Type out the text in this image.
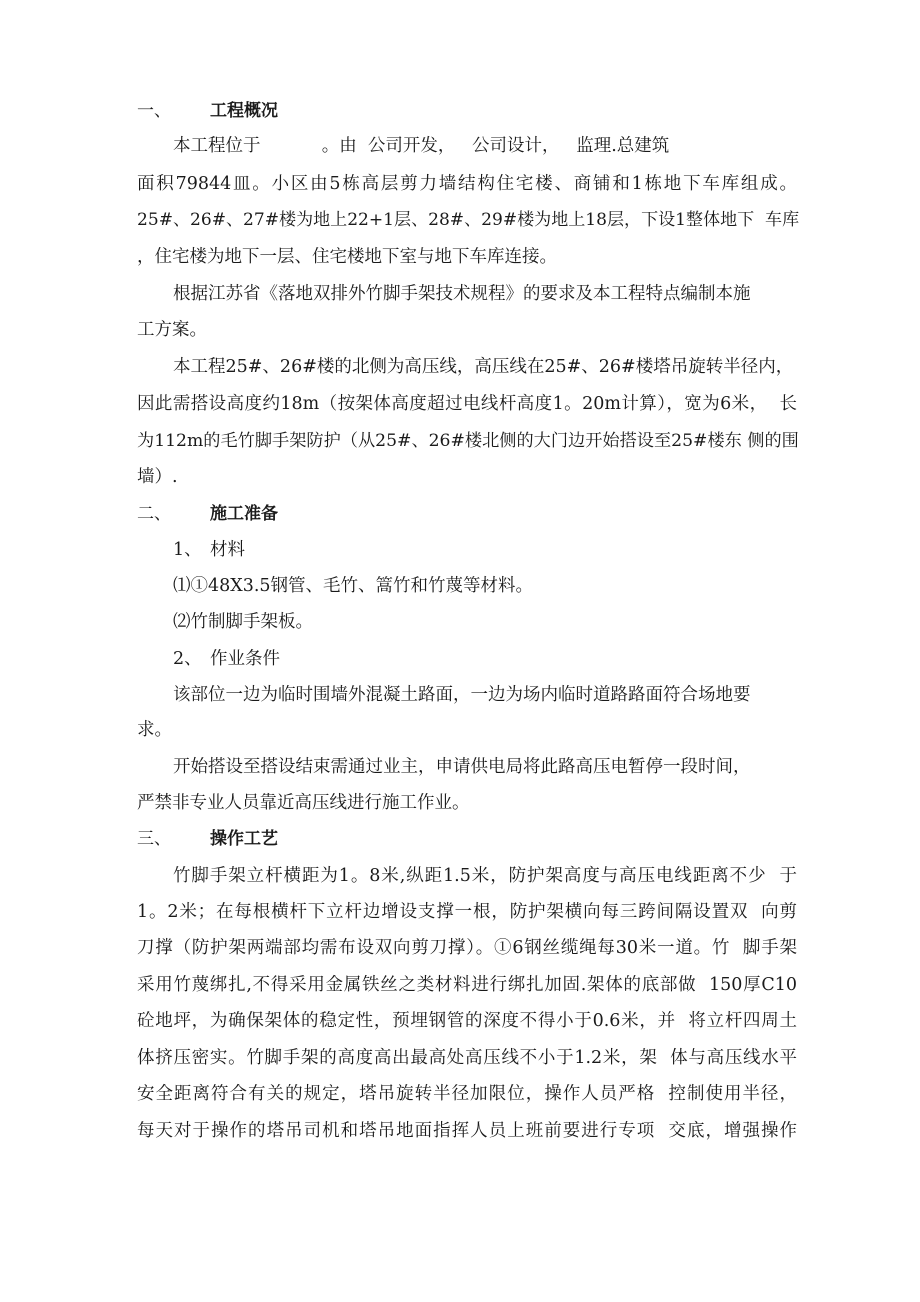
一、 工程概况
本工程位于           。由  公司开发，   公司设计，   监理.总建筑
面积79844皿。小区由5栋高层剪力墙结构住宅楼、商铺和1栋地下车库组成。
25#、26#、27#楼为地上22+1层、28#、29#楼为地上18层，下设1整体地下  车库
，住宅楼为地下一层、住宅楼地下室与地下车库连接。
根据江苏省《落地双排外竹脚手架技术规程》的要求及本工程特点编制本施
工方案。
本工程25#、26#楼的北侧为高压线，高压线在25#、26#楼塔吊旋转半径内，
因此需搭设高度约18m（按架体高度超过电线杆高度1。20m计算），宽为6米，  长
为112m的毛竹脚手架防护（从25#、26#楼北侧的大门边开始搭设至25#楼东 侧的围
墙）.
二、 施工准备
1、 材料
⑴①48X3.5钢管、毛竹、篙竹和竹蔑等材料。
⑵竹制脚手架板。
2、 作业条件
该部位一边为临时围墙外混凝土路面，一边为场内临时道路路面符合场地要
求。
开始搭设至搭设结束需通过业主，申请供电局将此路高压电暂停一段时间，
严禁非专业人员靠近高压线进行施工作业。
三、 操作工艺
竹脚手架立杆横距为1。8米,纵距1.5米，防护架高度与高压电线距离不少  于
1。2米；在每根横杆下立杆边增设支撑一根，防护架横向每三跨间隔设置双  向剪
刀撑（防护架两端部均需布设双向剪刀撑）。①6钢丝缆绳每30米一道。竹  脚手架
采用竹蔑绑扎,不得采用金属铁丝之类材料进行绑扎加固.架体的底部做  150厚C10
砼地坪，为确保架体的稳定性，预埋钢管的深度不得小于0.6米，并  将立杆四周土
体挤压密实。竹脚手架的高度高出最高处高压线不小于1.2米，架  体与高压线水平
安全距离符合有关的规定，塔吊旋转半径加限位，操作人员严格  控制使用半径，
每天对于操作的塔吊司机和塔吊地面指挥人员上班前要进行专项  交底，增强操作
